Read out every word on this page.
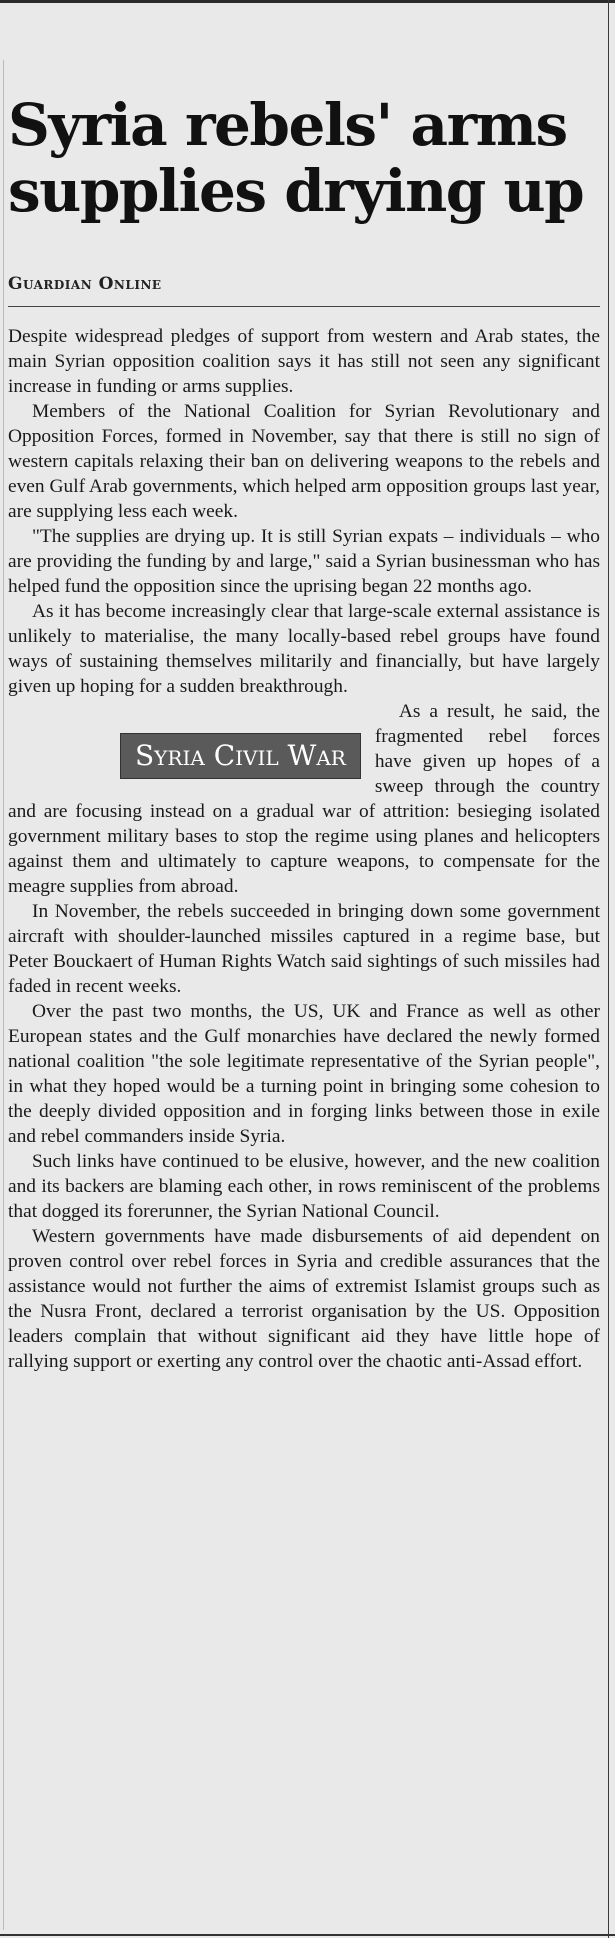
Syria rebels' arms supplies drying up
Guardian Online

Despite widespread pledges of support from western and Arab states, the main Syrian opposition coalition says it has still not seen any significant increase in funding or arms supplies.

Members of the National Coalition for Syrian Revolutionary and Opposition Forces, formed in November, say that there is still no sign of western capitals relaxing their ban on delivering weapons to the rebels and even Gulf Arab governments, which helped arm opposition groups last year, are supplying less each week.

"The supplies are drying up. It is still Syrian expats – individuals – who are providing the funding by and large," said a Syrian businessman who has helped fund the opposition since the uprising began 22 months ago.

As it has become increasingly clear that large-scale external assistance is unlikely to materialise, the many locally-based rebel groups have found ways of sustaining themselves militarily and financially, but have largely given up hoping for a sudden breakthrough.

Syria Civil War

As a result, he said, the fragmented rebel forces have given up hopes of a sweep through the country and are focusing instead on a gradual war of attrition: besieging isolated government military bases to stop the regime using planes and helicopters against them and ultimately to capture weapons, to compensate for the meagre supplies from abroad.

In November, the rebels succeeded in bringing down some government aircraft with shoulder-launched missiles captured in a regime base, but Peter Bouckaert of Human Rights Watch said sightings of such missiles had faded in recent weeks.

Over the past two months, the US, UK and France as well as other European states and the Gulf monarchies have declared the newly formed national coalition "the sole legitimate representative of the Syrian people", in what they hoped would be a turning point in bringing some cohesion to the deeply divided opposition and in forging links between those in exile and rebel commanders inside Syria.

Such links have continued to be elusive, however, and the new coalition and its backers are blaming each other, in rows reminiscent of the problems that dogged its forerunner, the Syrian National Council.

Western governments have made disbursements of aid dependent on proven control over rebel forces in Syria and credible assurances that the assistance would not further the aims of extremist Islamist groups such as the Nusra Front, declared a terrorist organisation by the US. Opposition leaders complain that without significant aid they have little hope of rallying support or exerting any control over the chaotic anti-Assad effort.
